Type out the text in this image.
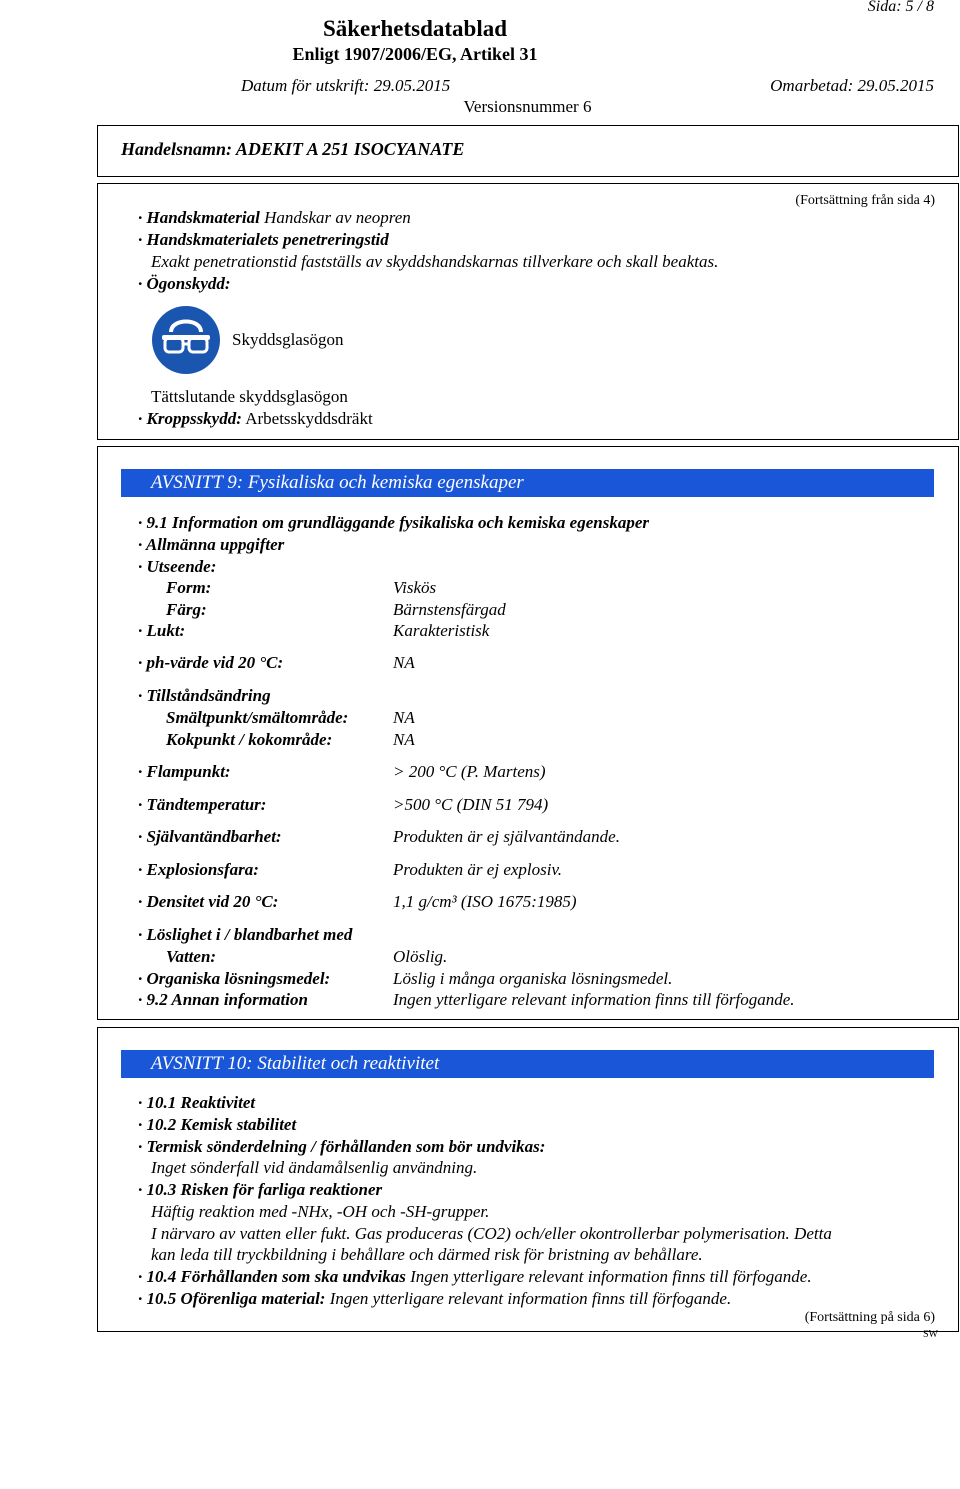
Sida: 5 / 8
Säkerhetsdatablad
Enligt 1907/2006/EG, Artikel 31
Datum för utskrift: 29.05.2015	Omarbetad: 29.05.2015
Versionsnummer 6
Handelsnamn: ADEKIT A 251 ISOCYANATE
(Fortsättning från sida 4)
· Handskmaterial Handskar av neopren
· Handskmaterialets penetreringstid
Exakt penetrationstid fastställs av skyddshandskarnas tillverkare och skall beaktas.
· Ögonskydd:
Skyddsglasögon
Tättslutande skyddsglasögon
· Kroppsskydd: Arbetsskyddsdräkt
AVSNITT 9: Fysikaliska och kemiska egenskaper
· 9.1 Information om grundläggande fysikaliska och kemiska egenskaper
· Allmänna uppgifter
· Utseende:
Form:	Viskös
Färg:	Bärnstensfärgad
· Lukt:	Karakteristisk
· ph-värde vid 20 °C:	NA
· Tillståndsändring
Smältpunkt/smältområde:	NA
Kokpunkt / kokområde:	NA
· Flampunkt:	> 200 °C (P. Martens)
· Tändtemperatur:	>500 °C (DIN 51 794)
· Självantändbarhet:	Produkten är ej självantändande.
· Explosionsfara:	Produkten är ej explosiv.
· Densitet vid 20 °C:	1,1 g/cm³ (ISO 1675:1985)
· Löslighet i / blandbarhet med
Vatten:	Olöslig.
· Organiska lösningsmedel:	Löslig i många organiska lösningsmedel.
· 9.2 Annan information	Ingen ytterligare relevant information finns till förfogande.
AVSNITT 10: Stabilitet och reaktivitet
· 10.1 Reaktivitet
· 10.2 Kemisk stabilitet
· Termisk sönderdelning / förhållanden som bör undvikas:
Inget sönderfall vid ändamålsenlig användning.
· 10.3 Risken för farliga reaktioner
Häftig reaktion med -NHx, -OH och -SH-grupper.
I närvaro av vatten eller fukt. Gas produceras (CO2) och/eller okontrollerbar polymerisation. Detta
kan leda till tryckbildning i behållare och därmed risk för bristning av behållare.
· 10.4 Förhållanden som ska undvikas Ingen ytterligare relevant information finns till förfogande.
· 10.5 Oförenliga material: Ingen ytterligare relevant information finns till förfogande.
(Fortsättning på sida 6)
SW
